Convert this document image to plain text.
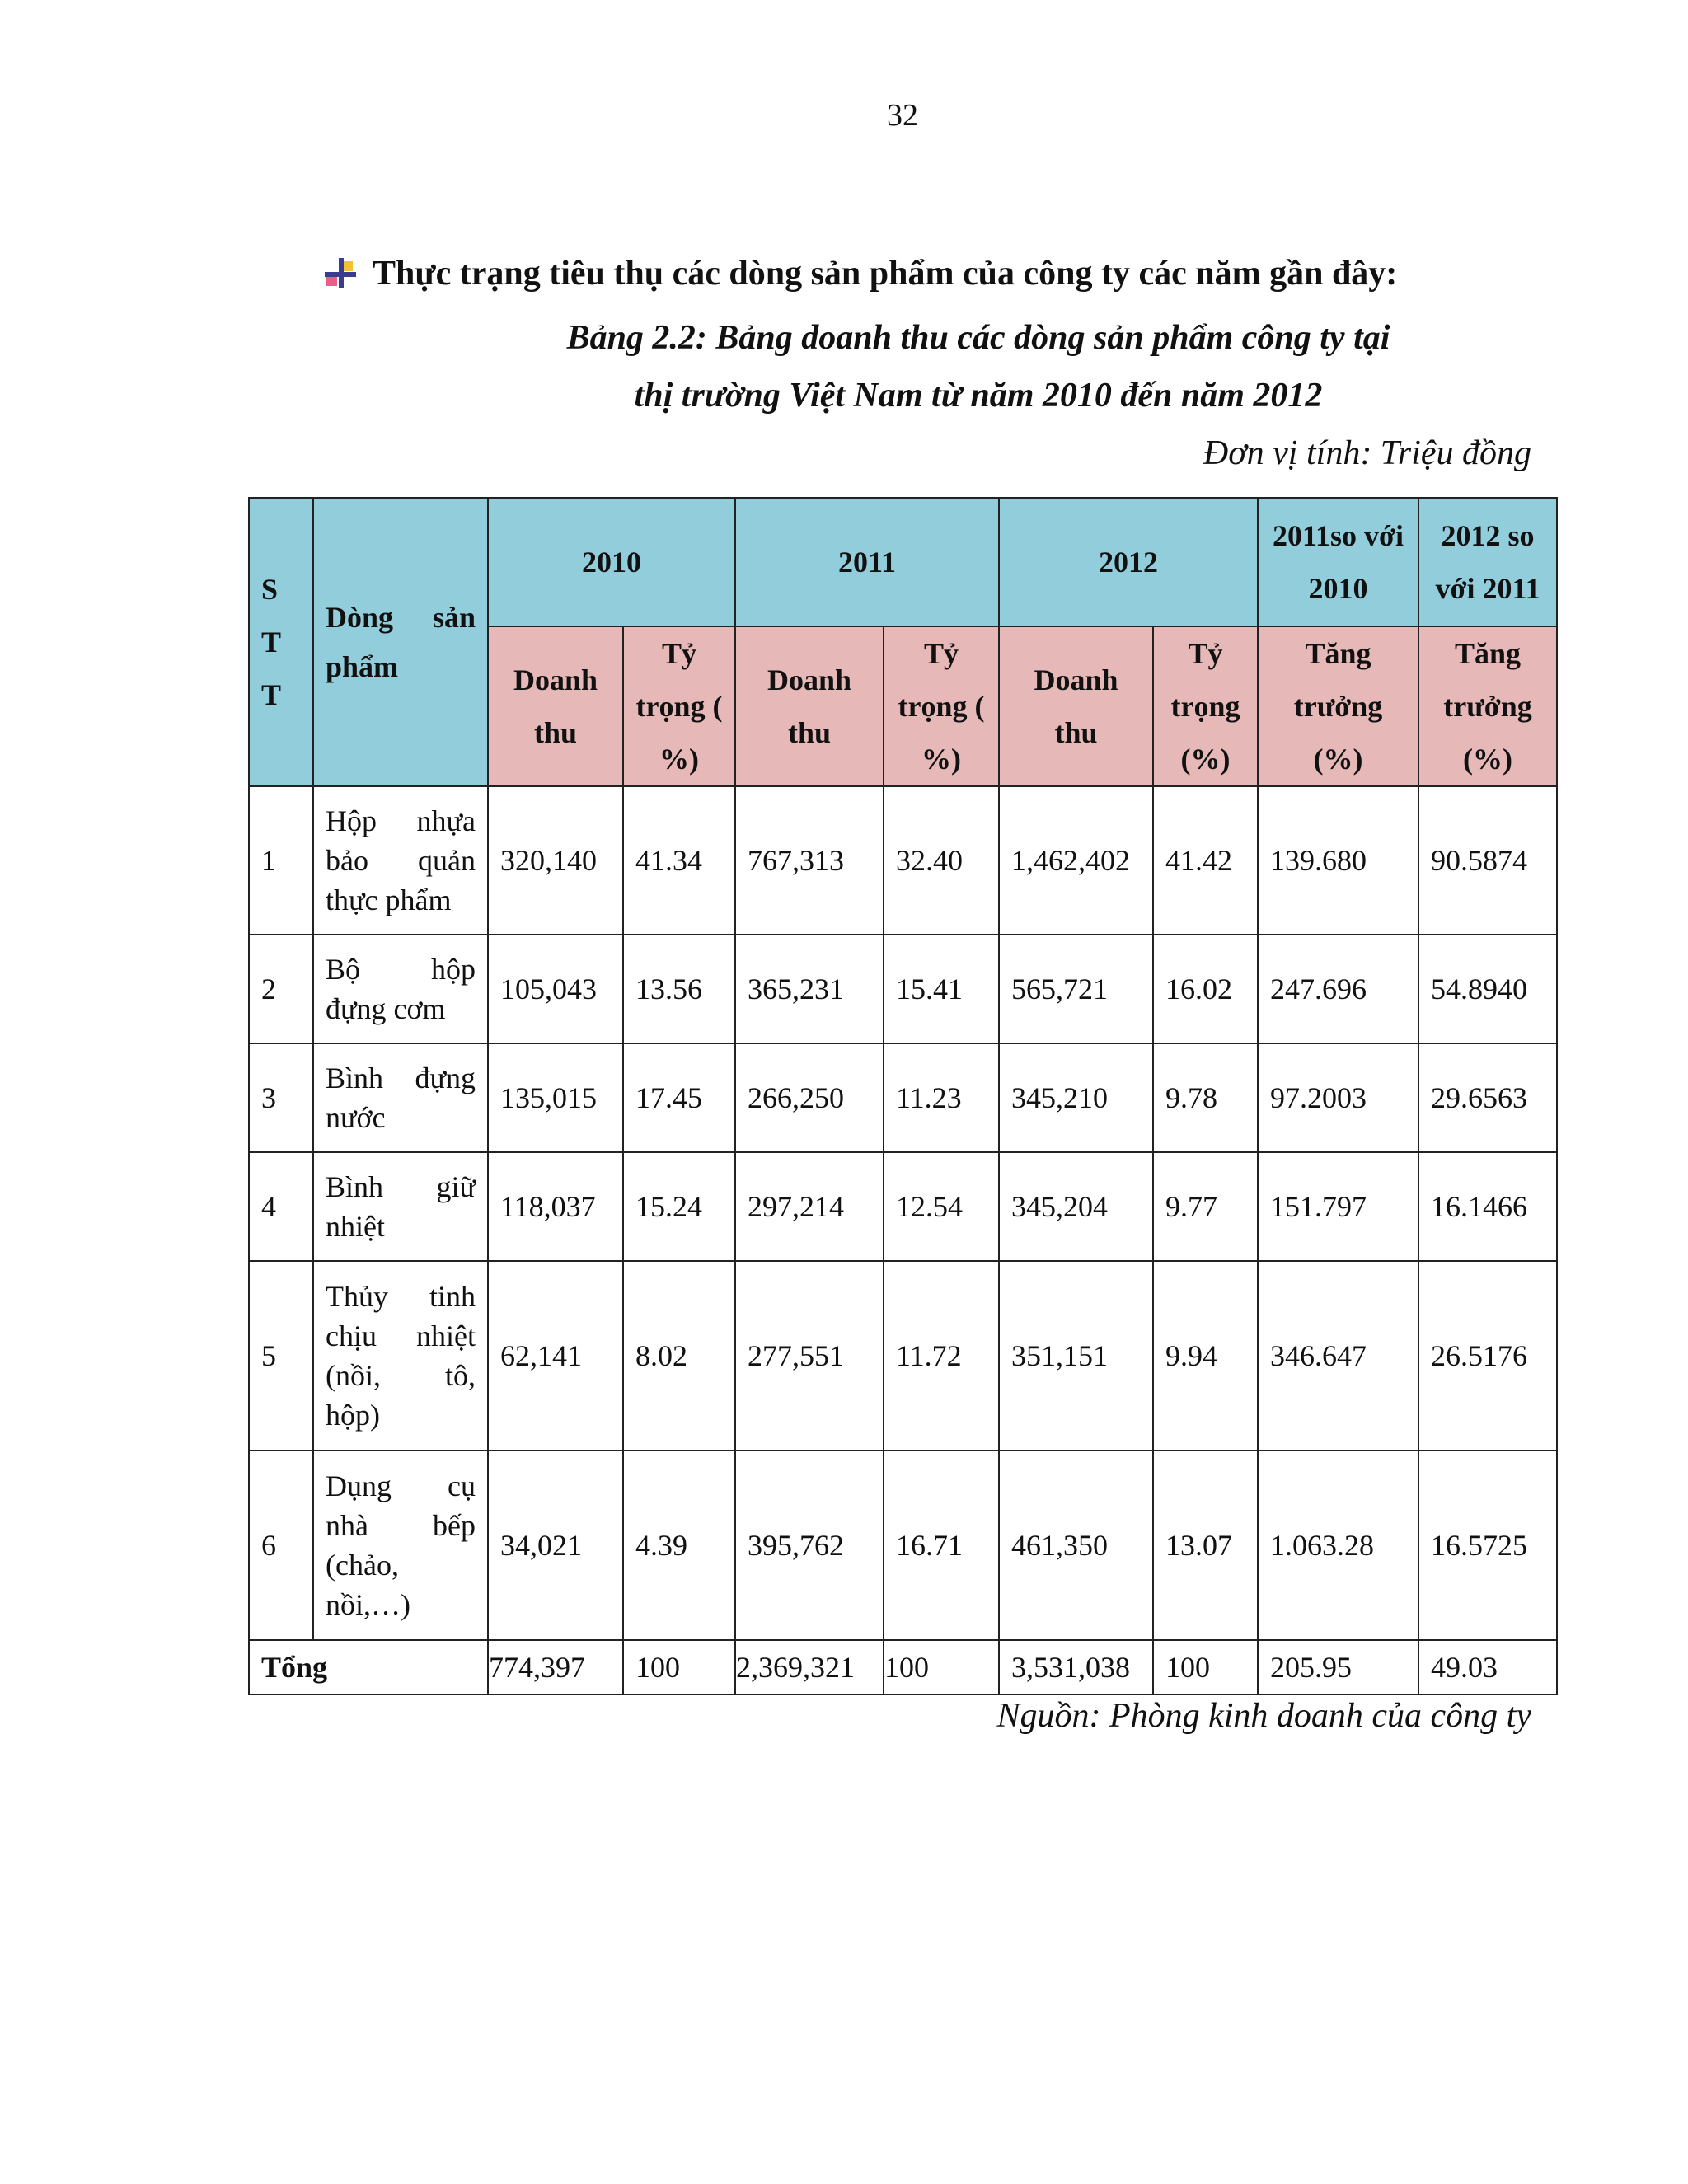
32
Thực trạng tiêu thụ các dòng sản phẩm của công ty các năm gần đây:
Bảng 2.2: Bảng doanh thu các dòng sản phẩm công ty tại
thị trường Việt Nam từ năm 2010 đến năm 2012
Đơn vị tính: Triệu đồng
S T T	Dòng sản phẩm	2010		2011		2012		2011so với 2010	2012 so với 2011
		Doanh thu	Tỷ trọng ( %)	Doanh thu	Tỷ trọng ( %)	Doanh thu	Tỷ trọng (%)	Tăng trưởng (%)	Tăng trưởng (%)
1	Hộp nhựa bảo quản thực phẩm	320,140	41.34	767,313	32.40	1,462,402	41.42	139.680	90.5874
2	Bộ hộp đựng cơm	105,043	13.56	365,231	15.41	565,721	16.02	247.696	54.8940
3	Bình đựng nước	135,015	17.45	266,250	11.23	345,210	9.78	97.2003	29.6563
4	Bình giữ nhiệt	118,037	15.24	297,214	12.54	345,204	9.77	151.797	16.1466
5	Thủy tinh chịu nhiệt (nồi, tô, hộp)	62,141	8.02	277,551	11.72	351,151	9.94	346.647	26.5176
6	Dụng cụ nhà bếp (chảo, nồi,…)	34,021	4.39	395,762	16.71	461,350	13.07	1.063.28	16.5725
Tổng		774,397	100	2,369,321	100	3,531,038	100	205.95	49.03
Nguồn: Phòng kinh doanh của công ty
